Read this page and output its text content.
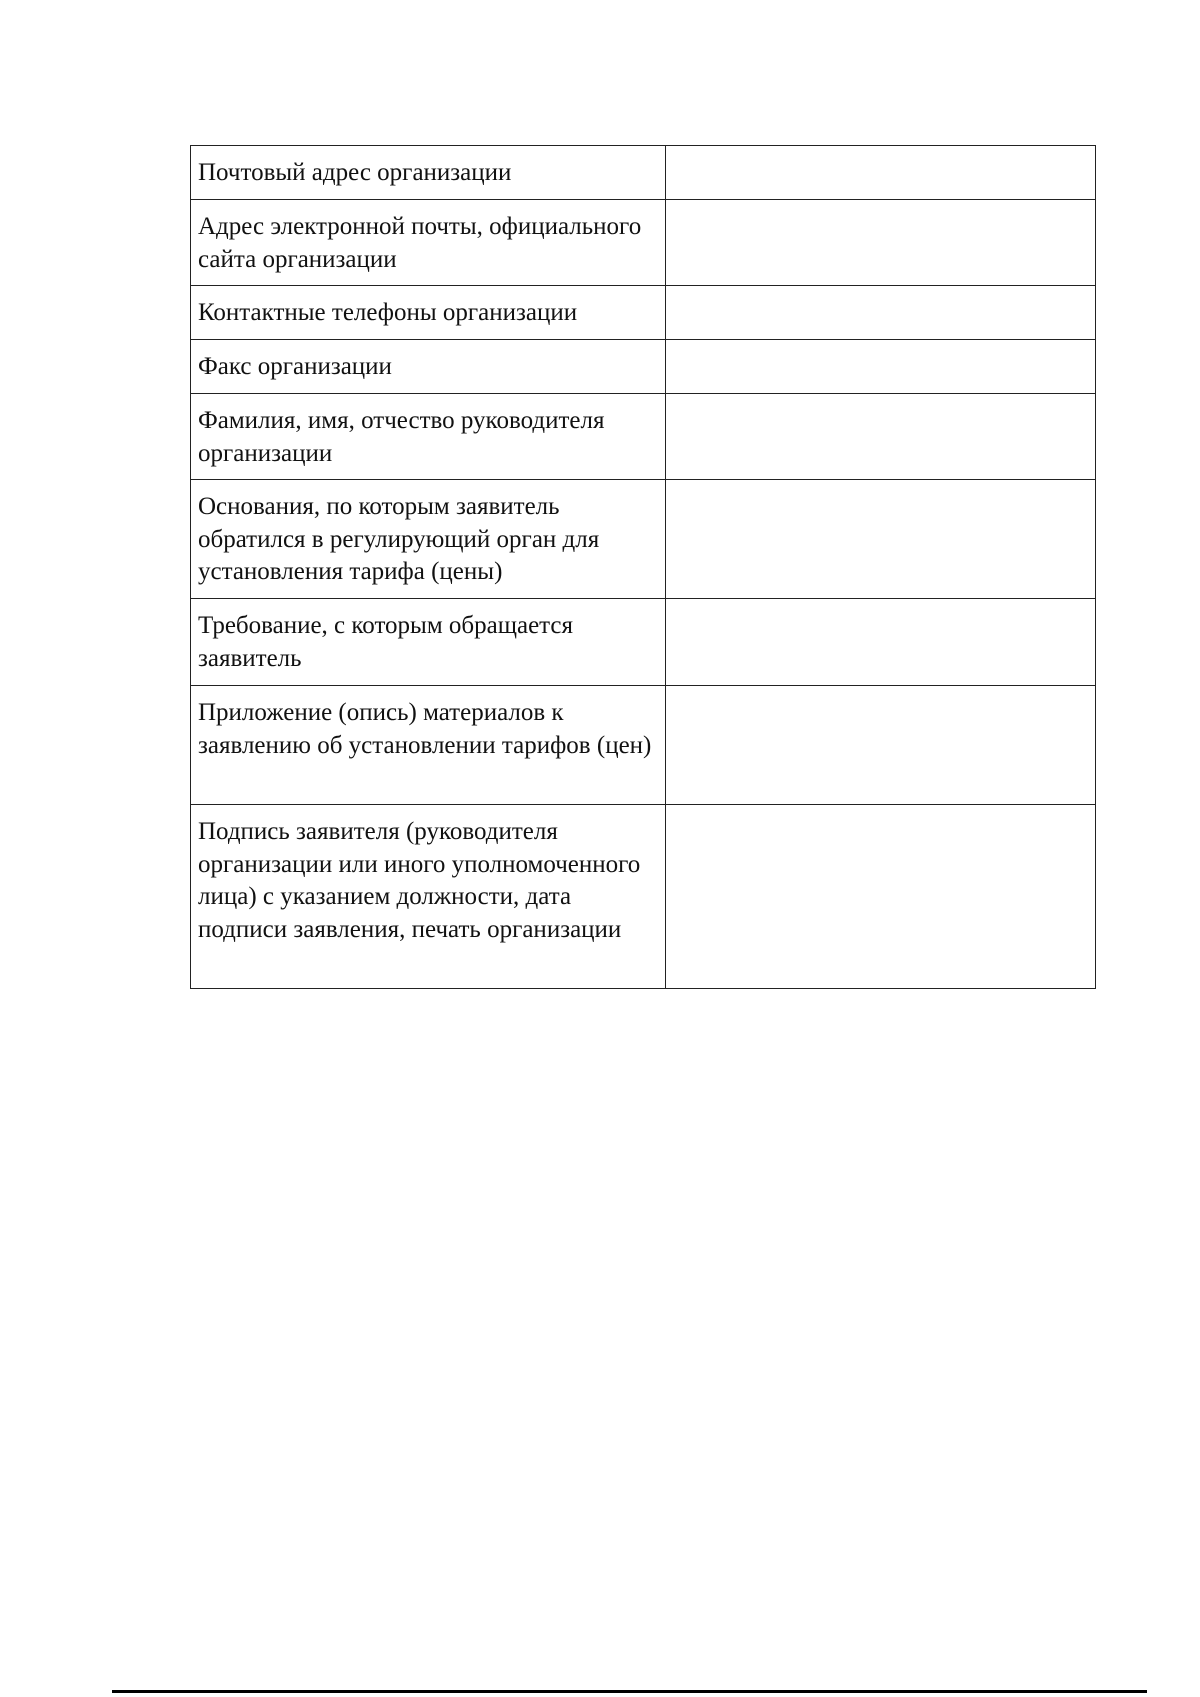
Почтовый адрес организации	
Адрес электронной почты, официального сайта организации	
Контактные телефоны организации	
Факс организации	
Фамилия, имя, отчество руководителя организации	
Основания, по которым заявитель обратился в регулирующий орган для установления тарифа (цены)	
Требование, с которым обращается заявитель	
Приложение (опись) материалов к заявлению об установлении тарифов (цен)	
Подпись заявителя (руководителя организации или иного уполномоченного лица) с указанием должности, дата подписи заявления, печать организации	
